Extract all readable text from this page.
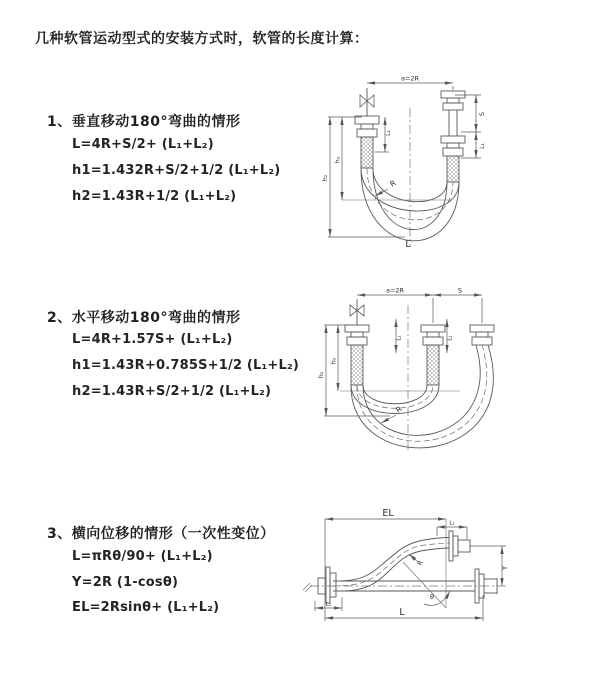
几种软管运动型式的安装方式时，软管的长度计算：
1、垂直移动180°弯曲的情形
L=4R+S/2+ (L₁+L₂)
h1=1.432R+S/2+1/2 (L₁+L₂)
h2=1.43R+1/2 (L₁+L₂)
a=2R
h₂
h₁
L₁
S
L₁
R
L
2、水平移动180°弯曲的情形
L=4R+1.57S+ (L₁+L₂)
h1=1.43R+0.785S+1/2 (L₁+L₂)
h2=1.43R+S/2+1/2 (L₁+L₂)
a=2R	S
h₂
h₁
L₁	L₁
R
3、横向位移的情形（一次性变位）
L=πRθ/90+ (L₁+L₂)
Y=2R (1-cosθ)
EL=2Rsinθ+ (L₁+L₂)
EL
L₁
Y
R
θ
L
L₁
